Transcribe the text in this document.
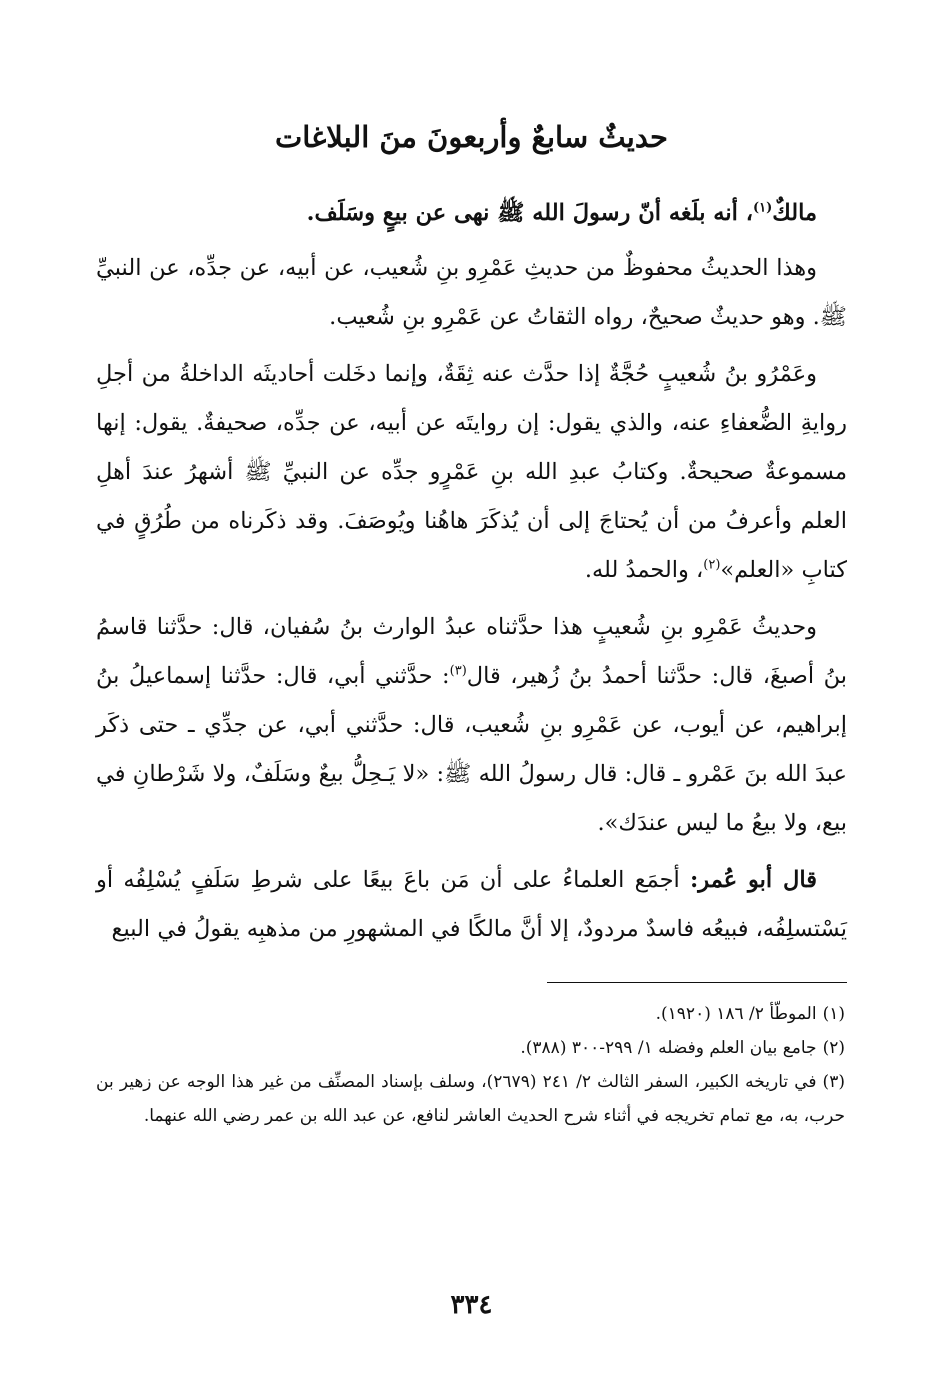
حديثٌ سابعٌ وأربعونَ منَ البلاغات

مالكٌ$^{(١)}$، أنه بلَغه أنّ رسولَ الله ﷺ نهى عن بيعٍ وسَلَف.

وهذا الحديثُ محفوظٌ من حديثِ عَمْرِو بنِ شُعيب، عن أبيه، عن جدِّه، عن النبيِّ ﷺ. وهو حديثٌ صحيحٌ، رواه الثقاتُ عن عَمْرِو بنِ شُعيب.

وعَمْرُو بنُ شُعيبٍ حُجَّةٌ إذا حدَّث عنه ثِقَةٌ، وإنما دخَلت أحاديثَه الداخلةُ من أجلِ روايةِ الضُّعفاءِ عنه، والذي يقول: إن روايتَه عن أبيه، عن جدِّه، صحيفةٌ. يقول: إنها مسموعةٌ صحيحةٌ. وكتابُ عبدِ الله بنِ عَمْرٍو جدِّه عن النبيِّ ﷺ أشهرُ عندَ أهلِ العلم وأعرفُ من أن يُحتاجَ إلى أن يُذكَرَ هاهُنا ويُوصَفَ. وقد ذكَرناه من طُرُقٍ في كتابِ «العلم»$^{(٢)}$، والحمدُ لله.

وحديثُ عَمْرِو بنِ شُعيبٍ هذا حدَّثناه عبدُ الوارث بنُ سُفيان، قال: حدَّثنا قاسمُ بنُ أصبغَ، قال: حدَّثنا أحمدُ بنُ زُهير، قال$^{(٣)}$: حدَّثني أبي، قال: حدَّثنا إسماعيلُ بنُ إبراهيم، عن أيوب، عن عَمْرِو بنِ شُعيب، قال: حدَّثني أبي، عن جدِّي ـ حتى ذكَر عبدَ الله بنَ عَمْرو ـ قال: قال رسولُ الله ﷺ: «لا يَـحِلُّ بيعٌ وسَلَفٌ، ولا شَرْطانِ في بيع، ولا بيعُ ما ليس عندَك».

قال أبو عُمر: أجمَع العلماءُ على أن مَن باعَ بيعًا على شرطِ سَلَفٍ يُسْلِفُه أو يَسْتسلِفُه، فبيعُه فاسدٌ مردودٌ، إلا أنَّ مالكًا في المشهورِ من مذهبِه يقولُ في البيع

(١)الموطّأ ٢/ ١٨٦ (١٩٢٠).

(٢)جامع بيان العلم وفضله ١/ ٢٩٩-٣٠٠ (٣٨٨).

(٣)في تاريخه الكبير، السفر الثالث ٢/ ٢٤١ (٢٦٧٩)، وسلف بإسناد المصنِّف من غير هذا الوجه عن زهير بن حرب، به، مع تمام تخريجه في أثناء شرح الحديث العاشر لنافع، عن عبد الله بن عمر رضي الله عنهما.

٣٣٤
